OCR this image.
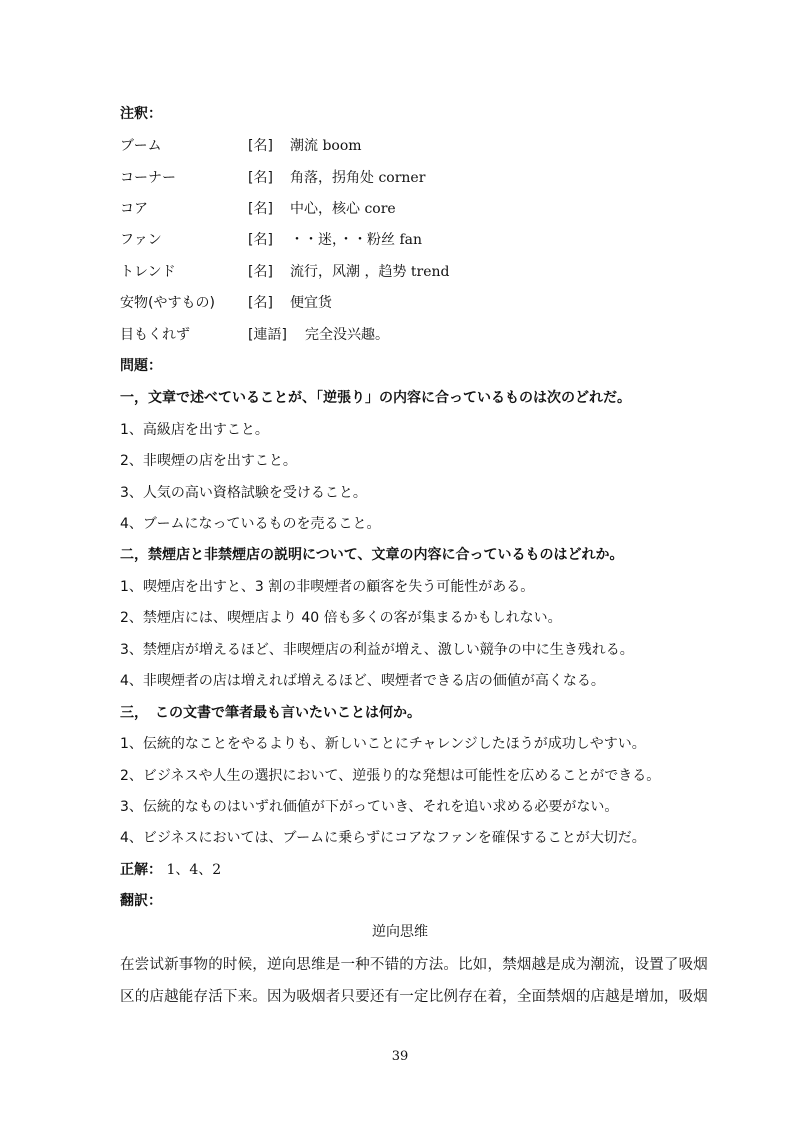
注釈：
ブーム	[名] 潮流 boom
コーナー	[名] 角落，拐角处 corner
コア	[名] 中心，核心 core
ファン	[名] ・・迷，・・粉丝 fan
トレンド	[名] 流行，风潮 ，趋势 trend
安物(やすもの) [名] 便宜货
目もくれず	[連語] 完全没兴趣。
問題：
一，文章で述べていることが、「逆張り」の内容に合っているものは次のどれだ。
1、高級店を出すこと。
2、非喫煙の店を出すこと。
3、人気の高い資格試験を受けること。
4、ブームになっているものを売ること。
二，禁煙店と非禁煙店の説明について、文章の内容に合っているものはどれか。
1、喫煙店を出すと、3 割の非喫煙者の顧客を失う可能性がある。
2、禁煙店には、喫煙店より 40 倍も多くの客が集まるかもしれない。
3、禁煙店が増えるほど、非喫煙店の利益が増え、激しい競争の中に生き残れる。
4、非喫煙者の店は増えれば増えるほど、喫煙者できる店の価値が高くなる。
三，　この文書で筆者最も言いたいことは何か。
1、伝統的なことをやるよりも、新しいことにチャレンジしたほうが成功しやすい。
2、ビジネスや人生の選択において、逆張り的な発想は可能性を広めることができる。
3、伝統的なものはいずれ価値が下がっていき、それを追い求める必要がない。
4、ビジネスにおいては、ブームに乗らずにコアなファンを確保することが大切だ。
正解： 1、4、2
翻訳：
逆向思维
在尝试新事物的时候，逆向思维是一种不错的方法。比如，禁烟越是成为潮流，设置了吸烟
区的店越能存活下来。因为吸烟者只要还有一定比例存在着，全面禁烟的店越是增加，吸烟
39
